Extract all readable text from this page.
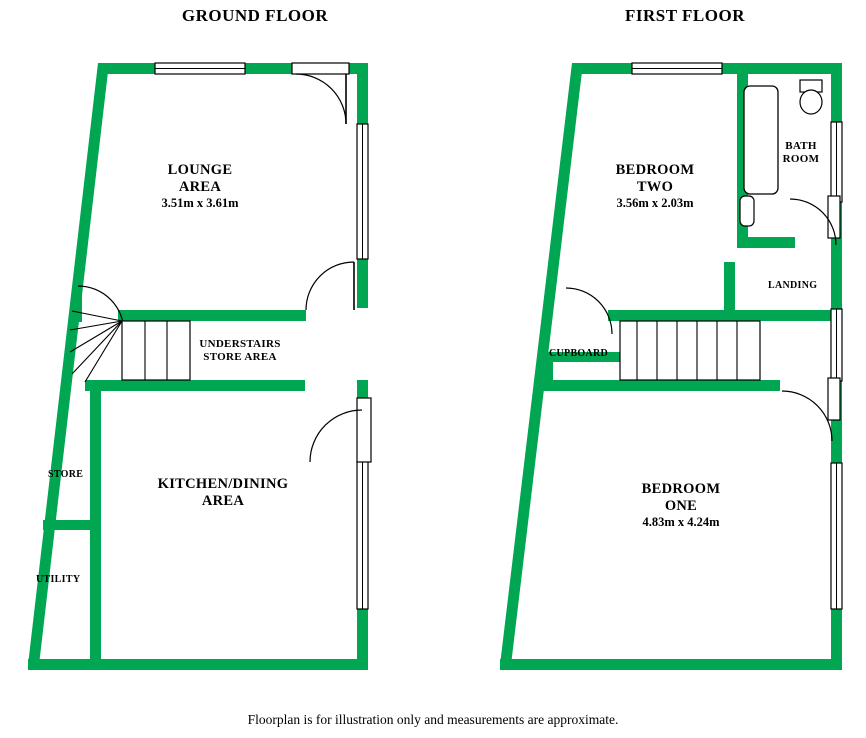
GROUND FLOOR	FIRST FLOOR
LOUNGE
AREA
3.51m x 3.61m
UNDERSTAIRS
STORE AREA
KITCHEN/DINING
AREA
STORE
UTILITY
BEDROOM
TWO
3.56m x 2.03m
BATH
ROOM
LANDING
CUPBOARD
BEDROOM
ONE
4.83m x 4.24m
Floorplan is for illustration only and measurements are approximate.
